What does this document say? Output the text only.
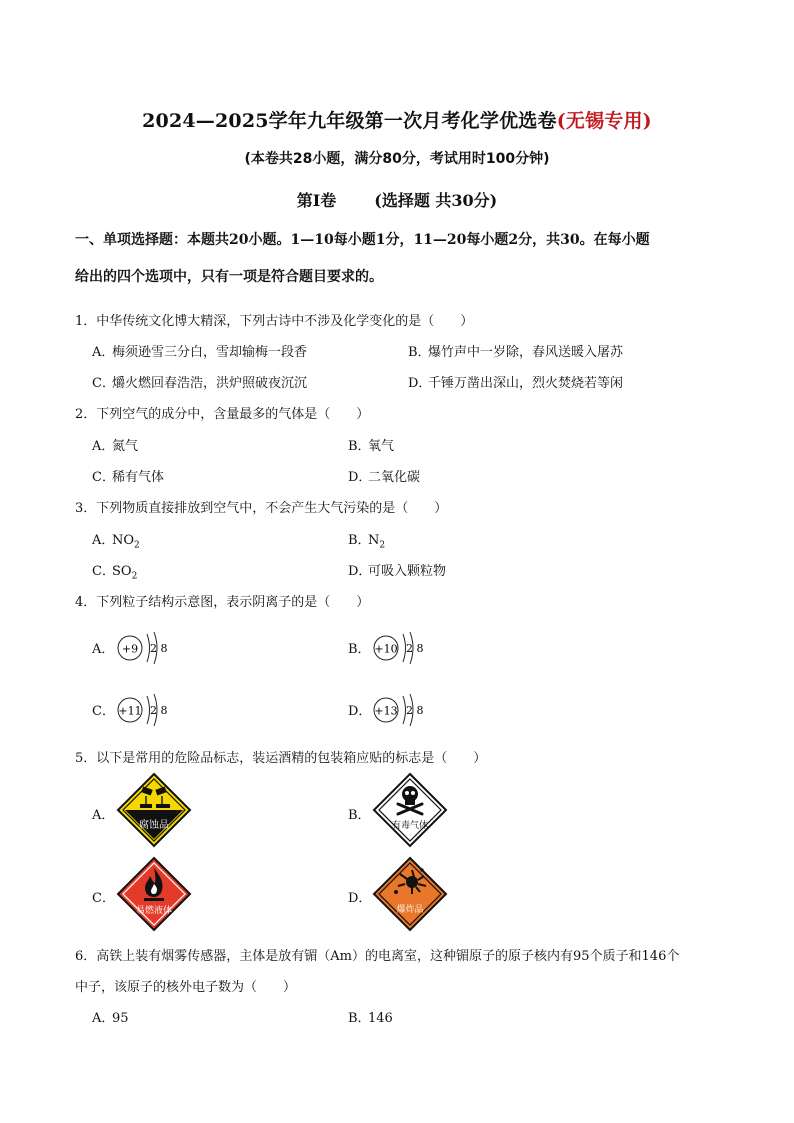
2024—2025学年九年级第一次月考化学优选卷(无锡专用)
(本卷共28小题，满分80分，考试用时100分钟)
第I卷 (选择题 共30分)
一、单项选择题：本题共20小题。1—10每小题1分，11—20每小题2分，共30。在每小题
给出的四个选项中，只有一项是符合题目要求的。
1．中华传统文化博大精深，下列古诗中不涉及化学变化的是（　　）
A．梅须逊雪三分白，雪却输梅一段香	B．爆竹声中一岁除，春风送暖入屠苏
C．爝火燃回春浩浩，洪炉照破夜沉沉	D．千锤万凿出深山，烈火焚烧若等闲
2．下列空气的成分中，含量最多的气体是（　　）
A．氮气	B．氧气
C．稀有气体	D．二氧化碳
3．下列物质直接排放到空气中，不会产生大气污染的是（　　）
A．$NO_2$	B．$N_2$
C．$SO_2$	D．可吸入颗粒物
4．下列粒子结构示意图，表示阴离子的是（　　）
A． +9 2 8	B． +10 2 8
C． +11 2 8	D． +13 2 8
5．以下是常用的危险品标志，装运酒精的包装箱应贴的标志是（　　）
A．
腐蚀品
B．
有毒气体
C．
易燃液体
D．
爆炸品
6．高铁上装有烟雾传感器，主体是放有镅（Am）的电离室，这种镅原子的原子核内有95个质子和146个
中子，该原子的核外电子数为（　　）
A．95	B．146
